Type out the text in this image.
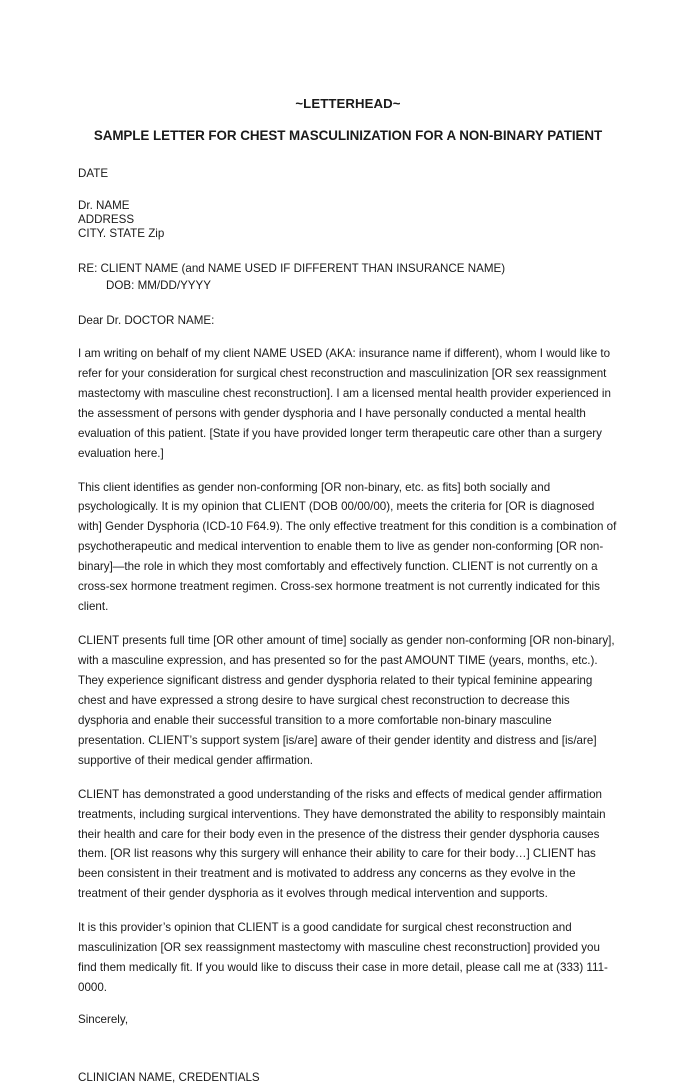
~LETTERHEAD~
SAMPLE LETTER FOR CHEST MASCULINIZATION FOR A NON-BINARY PATIENT
DATE
Dr. NAME
ADDRESS
CITY. STATE Zip
RE: CLIENT NAME (and NAME USED IF DIFFERENT THAN INSURANCE NAME)
DOB: MM/DD/YYYY
Dear Dr. DOCTOR NAME:

I am writing on behalf of my client NAME USED (AKA: insurance name if different), whom I would like to refer for your consideration for surgical chest reconstruction and masculinization [OR sex reassignment mastectomy with masculine chest reconstruction]. I am a licensed mental health provider experienced in the assessment of persons with gender dysphoria and I have personally conducted a mental health evaluation of this patient. [State if you have provided longer term therapeutic care other than a surgery evaluation here.]

This client identifies as gender non-conforming [OR non-binary, etc. as fits] both socially and psychologically. It is my opinion that CLIENT (DOB 00/00/00), meets the criteria for [OR is diagnosed with] Gender Dysphoria (ICD-10 F64.9). The only effective treatment for this condition is a combination of psychotherapeutic and medical intervention to enable them to live as gender non-conforming [OR non-binary]—the role in which they most comfortably and effectively function. CLIENT is not currently on a cross-sex hormone treatment regimen. Cross-sex hormone treatment is not currently indicated for this client.

CLIENT presents full time [OR other amount of time] socially as gender non-conforming [OR non-binary], with a masculine expression, and has presented so for the past AMOUNT TIME (years, months, etc.). They experience significant distress and gender dysphoria related to their typical feminine appearing chest and have expressed a strong desire to have surgical chest reconstruction to decrease this dysphoria and enable their successful transition to a more comfortable non-binary masculine presentation. CLIENT’s support system [is/are] aware of their gender identity and distress and [is/are] supportive of their medical gender affirmation.

CLIENT has demonstrated a good understanding of the risks and effects of medical gender affirmation treatments, including surgical interventions. They have demonstrated the ability to responsibly maintain their health and care for their body even in the presence of the distress their gender dysphoria causes them. [OR list reasons why this surgery will enhance their ability to care for their body…] CLIENT has been consistent in their treatment and is motivated to address any concerns as they evolve in the treatment of their gender dysphoria as it evolves through medical intervention and supports.

It is this provider’s opinion that CLIENT is a good candidate for surgical chest reconstruction and masculinization [OR sex reassignment mastectomy with masculine chest reconstruction] provided you find them medically fit. If you would like to discuss their case in more detail, please call me at (333) 111-0000.

Sincerely,
CLINICIAN NAME, CREDENTIALS
